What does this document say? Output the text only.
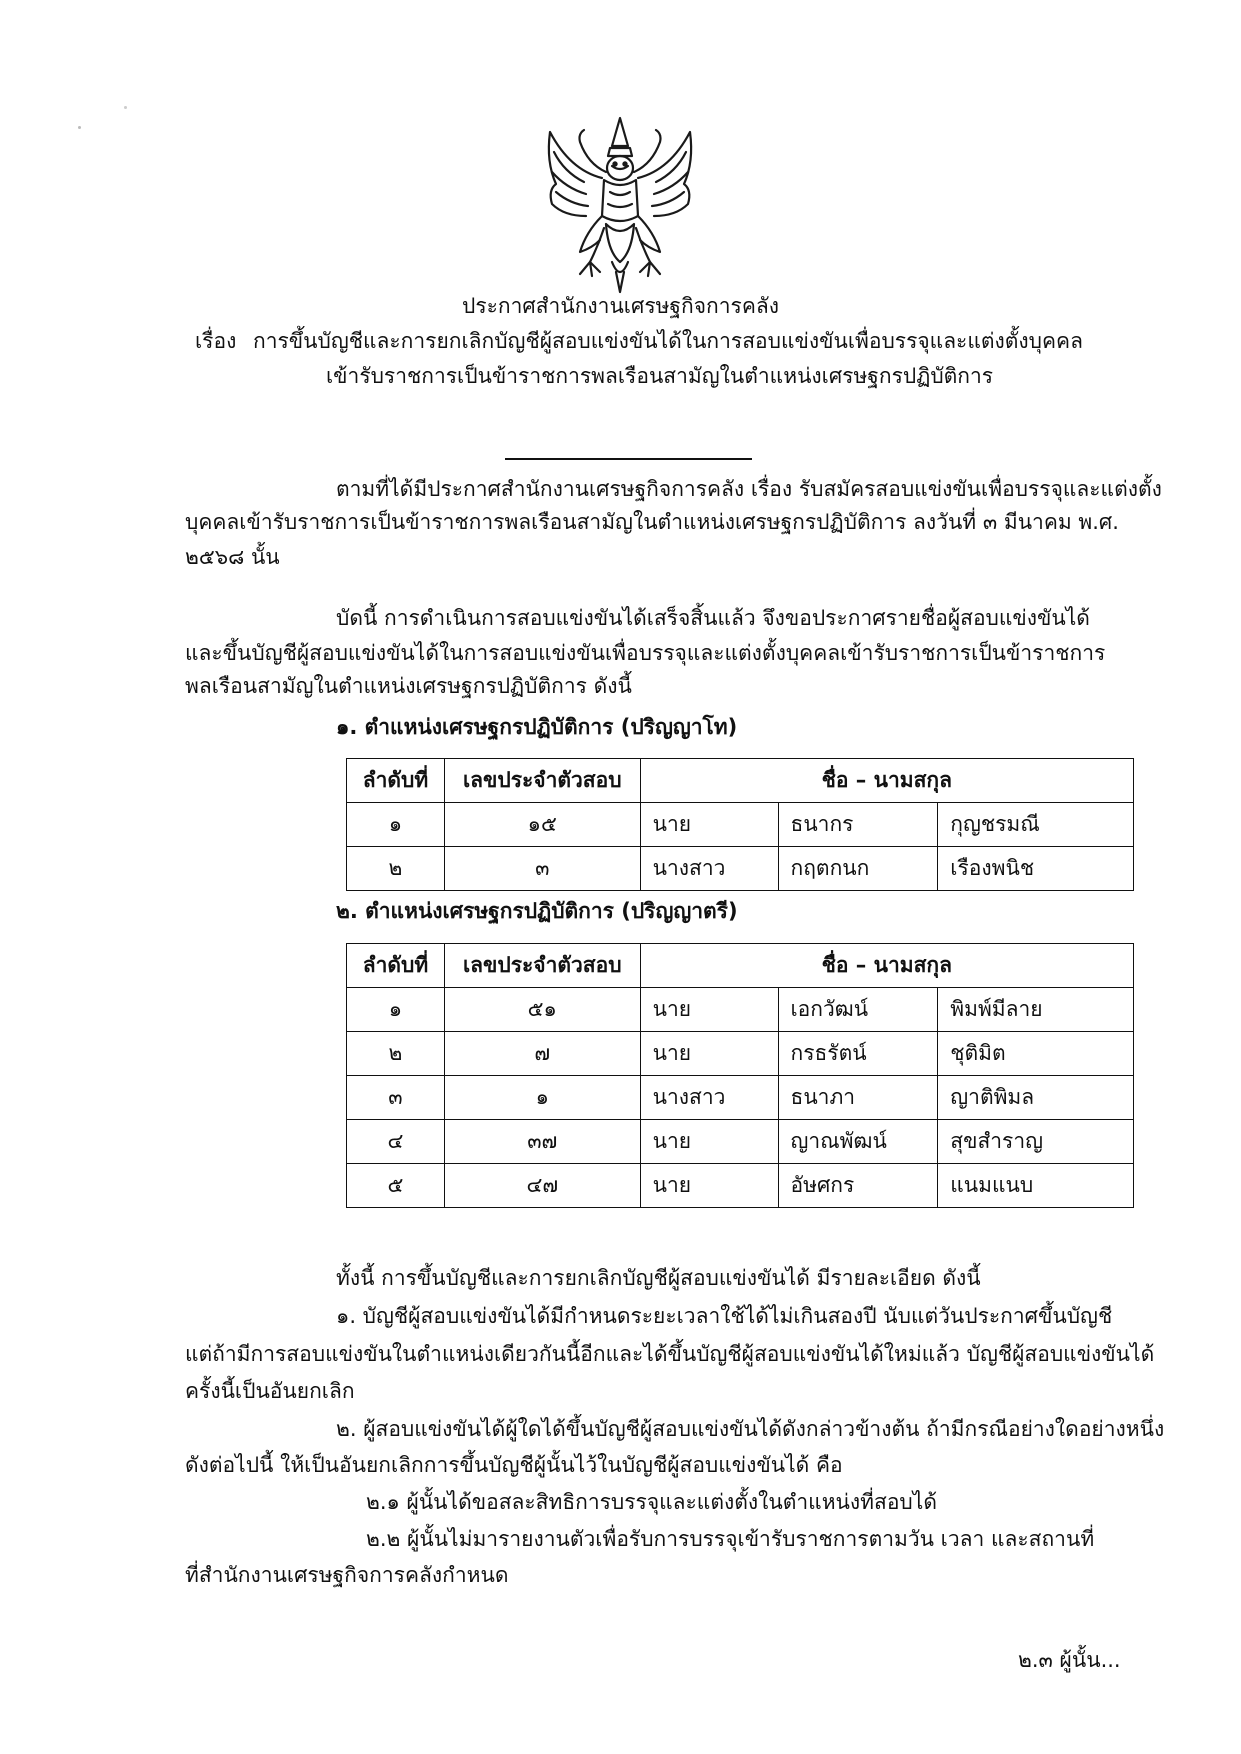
ประกาศสำนักงานเศรษฐกิจการคลัง
เรื่อง การขึ้นบัญชีและการยกเลิกบัญชีผู้สอบแข่งขันได้ในการสอบแข่งขันเพื่อบรรจุและแต่งตั้งบุคคล
เข้ารับราชการเป็นข้าราชการพลเรือนสามัญในตำแหน่งเศรษฐกรปฏิบัติการ
ตามที่ได้มีประกาศสำนักงานเศรษฐกิจการคลัง เรื่อง รับสมัครสอบแข่งขันเพื่อบรรจุและแต่งตั้ง
บุคคลเข้ารับราชการเป็นข้าราชการพลเรือนสามัญในตำแหน่งเศรษฐกรปฏิบัติการ ลงวันที่ ๓ มีนาคม พ.ศ.
๒๕๖๘ นั้น
บัดนี้ การดำเนินการสอบแข่งขันได้เสร็จสิ้นแล้ว จึงขอประกาศรายชื่อผู้สอบแข่งขันได้
และขึ้นบัญชีผู้สอบแข่งขันได้ในการสอบแข่งขันเพื่อบรรจุและแต่งตั้งบุคคลเข้ารับราชการเป็นข้าราชการ
พลเรือนสามัญในตำแหน่งเศรษฐกรปฏิบัติการ ดังนี้
๑. ตำแหน่งเศรษฐกรปฏิบัติการ (ปริญญาโท)
ลำดับที่	เลขประจำตัวสอบ	ชื่อ – นามสกุล		
๑	๑๕	นาย	ธนากร	กุญชรมณี
๒	๓	นางสาว	กฤตกนก	เรืองพนิช
๒. ตำแหน่งเศรษฐกรปฏิบัติการ (ปริญญาตรี)
ลำดับที่	เลขประจำตัวสอบ	ชื่อ – นามสกุล		
๑	๕๑	นาย	เอกวัฒน์	พิมพ์มีลาย
๒	๗	นาย	กรธรัตน์	ชุติมิต
๓	๑	นางสาว	ธนาภา	ญาติพิมล
๔	๓๗	นาย	ญาณพัฒน์	สุขสำราญ
๕	๔๗	นาย	อัษศกร	แนมแนบ
ทั้งนี้ การขึ้นบัญชีและการยกเลิกบัญชีผู้สอบแข่งขันได้ มีรายละเอียด ดังนี้
๑. บัญชีผู้สอบแข่งขันได้มีกำหนดระยะเวลาใช้ได้ไม่เกินสองปี นับแต่วันประกาศขึ้นบัญชี
แต่ถ้ามีการสอบแข่งขันในตำแหน่งเดียวกันนี้อีกและได้ขึ้นบัญชีผู้สอบแข่งขันได้ใหม่แล้ว บัญชีผู้สอบแข่งขันได้
ครั้งนี้เป็นอันยกเลิก
๒. ผู้สอบแข่งขันได้ผู้ใดได้ขึ้นบัญชีผู้สอบแข่งขันได้ดังกล่าวข้างต้น ถ้ามีกรณีอย่างใดอย่างหนึ่ง
ดังต่อไปนี้ ให้เป็นอันยกเลิกการขึ้นบัญชีผู้นั้นไว้ในบัญชีผู้สอบแข่งขันได้ คือ
๒.๑ ผู้นั้นได้ขอสละสิทธิการบรรจุและแต่งตั้งในตำแหน่งที่สอบได้
๒.๒ ผู้นั้นไม่มารายงานตัวเพื่อรับการบรรจุเข้ารับราชการตามวัน เวลา และสถานที่
ที่สำนักงานเศรษฐกิจการคลังกำหนด
๒.๓ ผู้นั้น...
